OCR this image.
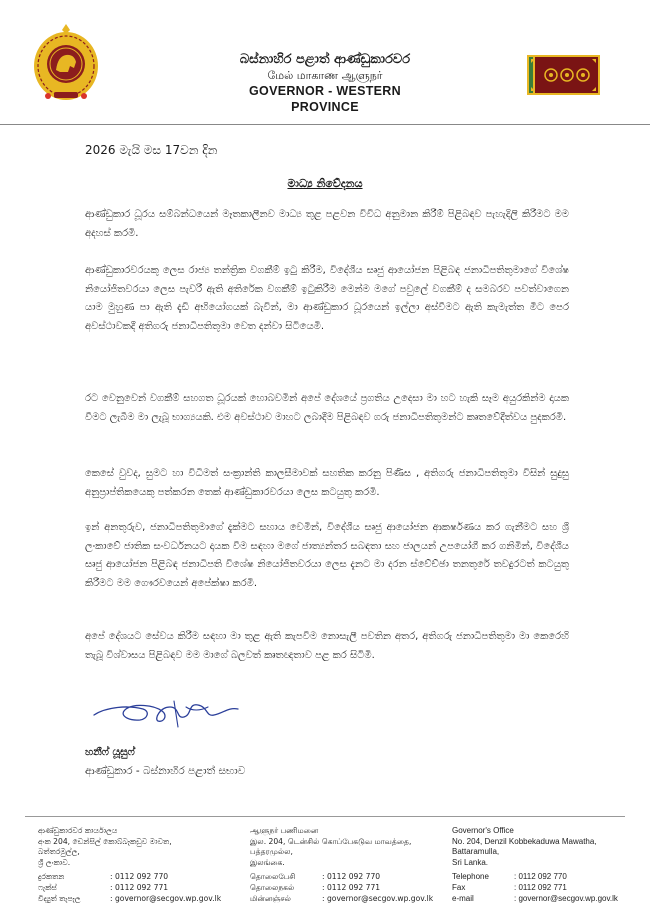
බස්නාහිර පළාත් ආණ්ඩුකාරවර
மேல் மாகாண ஆளுநர்
GOVERNOR - WESTERN PROVINCE
2026 මැයි මස 17වන දින
මාධ්‍ය නිවේදනය
ආණ්ඩුකාර ධූරය සම්බන්ධයෙන් මෑතකාලීනව මාධ්‍ය තුළ පළවන විවිධ අනුමාන කිරීම් පිළිබඳව පැහැදිලි කිරීමට මම අදහස් කරමි.
ආණ්ඩුකාරවරයකු ලෙස රාජ්‍ය තන්ත්‍රික වගකීම් ඉටු කිරීම, විදේශීය සෘජු ආයෝජන පිළිබඳ ජනාධිපතිතුමාගේ විශේෂ නියෝජිතවරයා ලෙස පැවරී ඇති අතිරේක වගකීම් ඉටුකිරීම මෙන්ම මගේ පවුලේ වගකීම් ද සමබරව පවත්වාගෙන යාම මුහුණ පා ඇති දැඩි අභියෝගයක් බැවින්, මා ආණ්ඩුකාර ධූරයෙන් ඉල්ලා අස්වීමට ඇති කැමැත්ත මීට පෙර අවස්ථාවකදී අතිගරු ජනාධිපතිතුමා වෙත දන්වා සිටියෙමි.
රට වෙනුවෙන් වගකීම් සහගත ධූරයක් හොබවමින් අපේ දේශයේ ප්‍රගතිය උදෙසා මා හට හැකි සෑම අයුරකින්ම දායක වීමට ලැබීම මා ලැබූ භාග්‍යයකි. එම අවස්ථාව මාහට ලබාදීම පිළිබඳව ගරු ජනාධිපතිතුමන්ට කෘතවේදීත්වය පුදකරමි.
කෙසේ වුවද, සුමට හා විධිමත් සංක්‍රාන්ති කාලසීමාවක් සහතික කරනු පිණිස , අතිගරු ජනාධිපතිතුමා විසින් සුදුසු අනුප්‍රාප්තිකයෙකු පත්කරන තෙක් ආණ්ඩුකාරවරයා ලෙස කටයුතු කරමි.
ඉන් අනතුරුව, ජනාධිපතිතුමාගේ දැක්මට සහාය වෙමින්, විදේශීය සෘජු ආයෝජන ආකර්ෂණය කර ගැනීමට සහ ශ්‍රී ලංකාවේ ජාතික සංවර්ධනයට දායක වීම සඳහා මගේ ජාත්‍යන්තර සබඳතා සහ ජාලයන් උපයෝගී කර ගනිමින්, විදේශීය සෘජු ආයෝජන පිළිබඳ ජනාධිපති විශේෂ නියෝජිතවරයා ලෙස දැනට මා දරන ස්වේච්ඡා තනතුරේ තවදුරටත් කටයුතු කිරීමට මම ගෞරවයෙන් අපේක්ෂා කරමි.
අපේ දේශයට සේවය කිරීම සඳහා මා තුළ ඇති කැපවීම නොසැලී පවතින අතර, අතිගරු ජනාධිපතිතුමා මා කෙරෙහි තැබූ විශ්වාසය පිළිබඳව මම මාගේ බලවත් කෘතඥතාව පළ කර සිටිමි.
හනීෆ් යූසුෆ්
ආණ්ඩුකාර - බස්නාහිර පළාත් සභාව
ආණ්ඩුකාරවර කාර්යාලය
අංක 204, ඩෙන්සිල් කොබ්බෑකඩුව මාවත,
බත්තරමුල්ල,
ශ්‍රී ලංකාව.
දුරකතන	: 0112 092 770
ෆැක්ස්	: 0112 092 771
විද්‍යුත් තැපෑල	: governor@secgov.wp.gov.lk
ஆளுநர் பணிமனை
இல. 204, டென்சில் கொப்பேகடுவ மாவத்தை,
பத்தரமுல்ல,
இலங்கை.
தொலைபேசி	: 0112 092 770
தொலைநகல்	: 0112 092 771
மின்னஞ்சல்	: governor@secgov.wp.gov.lk
Governor's Office
No. 204, Denzil Kobbekaduwa Mawatha,
Battaramulla,
Sri Lanka.
Telephone	: 0112 092 770
Fax	: 0112 092 771
e-mail	: governor@secgov.wp.gov.lk
